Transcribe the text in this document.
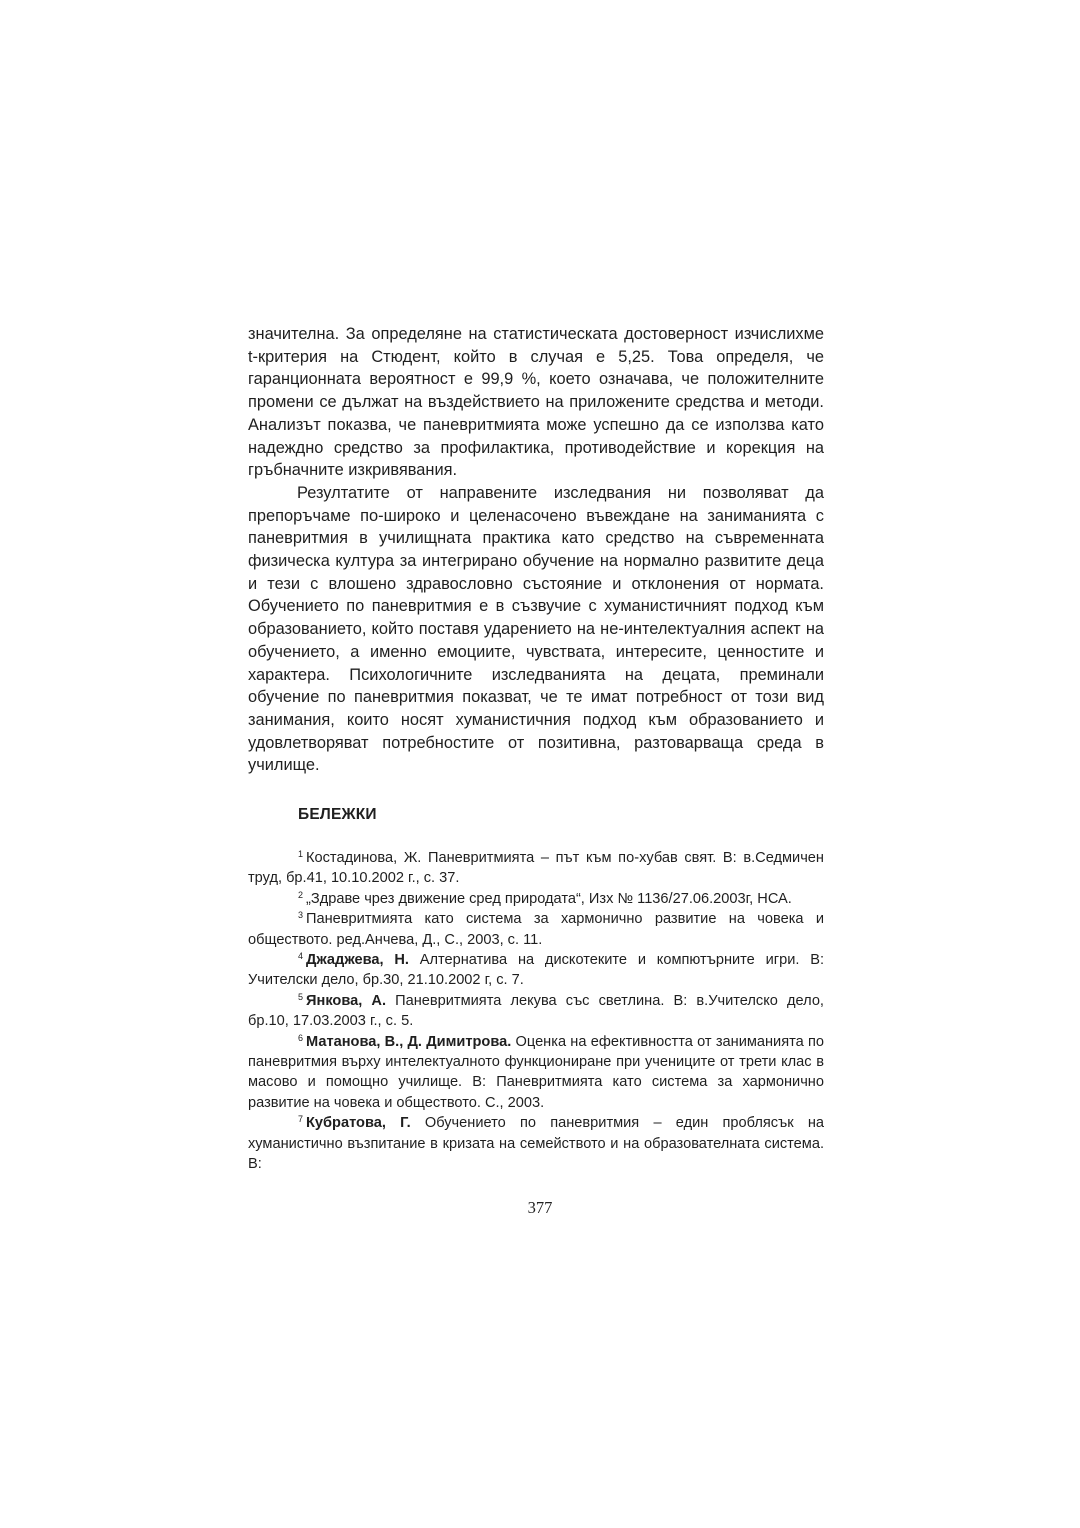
значителна. За определяне на статистическата достоверност изчислихме t-критерия на Стюдент, който в случая е 5,25. Това определя, че гаранционната вероятност е 99,9 %, което означава, че положителните промени се дължат на въздействието на приложените средства и методи. Анализът показва, че паневритмията може успешно да се използва като надеждно средство за профилактика, противодействие и корекция на гръбначните изкривявания.

Резултатите от направените изследвания ни позволяват да препоръчаме по-широко и целенасочено въвеждане на заниманията с паневритмия в училищната практика като средство на съвременната физическа култура за интегрирано обучение на нормално развитите деца и тези с влошено здравословно състояние и отклонения от нормата. Обучението по паневритмия е в съзвучие с хуманистичният подход към образованието, който поставя ударението на не-интелектуалния аспект на обучението, а именно емоциите, чувствата, интересите, ценностите и характера. Психологичните изследванията на децата, преминали обучение по паневритмия показват, че те имат потребност от този вид занимания, които носят хуманистичния подход към образованието и удовлетворяват потребностите от позитивна, разтоварваща среда в училище.

БЕЛЕЖКИ

$^1$ Костадинова, Ж. Паневритмията – път към по-хубав свят. В: в.Седмичен труд, бр.41, 10.10.2002 г., с. 37.

$^2$ „Здраве чрез движение сред природата“, Изх № 1136/27.06.2003г, НСА.

$^3$ Паневритмията като система за хармонично развитие на човека и обществото. ред.Анчева, Д., С., 2003, с. 11.

$^4$ Джаджева, Н. Алтернатива на дискотеките и компютърните игри. В: Учителски дело, бр.30, 21.10.2002 г, с. 7.

$^5$ Янкова, А. Паневритмията лекува със светлина. В: в.Учителско дело, бр.10, 17.03.2003 г., с. 5.

$^6$ Матанова, В., Д. Димитрова. Оценка на ефективността от заниманията по паневритмия върху интелектуалното функциониране при учениците от трети клас в масово и помощно училище. В: Паневритмията като система за хармонично развитие на човека и обществото. С., 2003.

$^7$ Кубратова, Г. Обучението по паневритмия – един проблясък на хуманистично възпитание в кризата на семейството и на образователната система. В:

377
